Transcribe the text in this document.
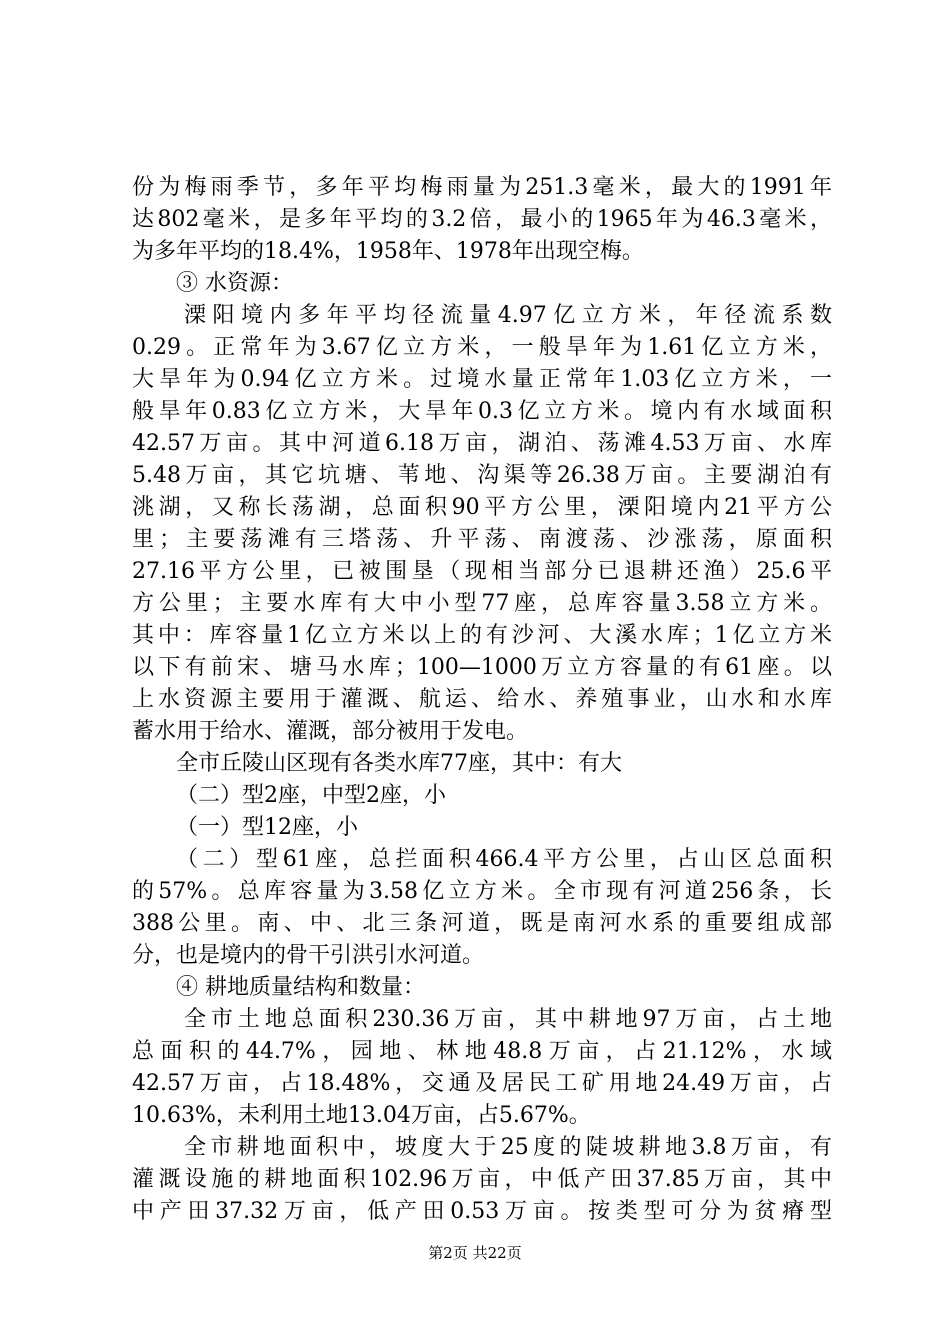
份为梅雨季节，多年平均梅雨量为251.3毫米，最大的1991年
达802毫米，是多年平均的3.2倍，最小的1965年为46.3毫米，
为多年平均的18.4%，1958年、1978年出现空梅。
③ 水资源：
溧阳境内多年平均径流量4.97亿立方米，年径流系数
0.29。正常年为3.67亿立方米，一般旱年为1.61亿立方米，
大旱年为0.94亿立方米。过境水量正常年1.03亿立方米，一
般旱年0.83亿立方米，大旱年0.3亿立方米。境内有水域面积
42.57万亩。其中河道6.18万亩，湖泊、荡滩4.53万亩、水库
5.48万亩，其它坑塘、苇地、沟渠等26.38万亩。主要湖泊有
洮湖，又称长荡湖，总面积90平方公里，溧阳境内21平方公
里；主要荡滩有三塔荡、升平荡、南渡荡、沙涨荡，原面积
27.16平方公里，已被围垦（现相当部分已退耕还渔）25.6平
方公里；主要水库有大中小型77座，总库容量3.58立方米。
其中：库容量1亿立方米以上的有沙河、大溪水库；1亿立方米
以下有前宋、塘马水库；100—1000万立方容量的有61座。以
上水资源主要用于灌溉、航运、给水、养殖事业，山水和水库
蓄水用于给水、灌溉，部分被用于发电。
全市丘陵山区现有各类水库77座，其中：有大
（二）型2座，中型2座，小
（一）型12座，小
（二）型61座，总拦面积466.4平方公里，占山区总面积
的57%。总库容量为3.58亿立方米。全市现有河道256条，长
388公里。南、中、北三条河道，既是南河水系的重要组成部
分，也是境内的骨干引洪引水河道。
④ 耕地质量结构和数量：
全市土地总面积230.36万亩，其中耕地97万亩，占土地
总面积的44.7%，园地、林地48.8万亩，占21.12%，水域
42.57万亩，占18.48%，交通及居民工矿用地24.49万亩，占
10.63%，未利用土地13.04万亩，占5.67%。
全市耕地面积中，坡度大于25度的陡坡耕地3.8万亩，有
灌溉设施的耕地面积102.96万亩，中低产田37.85万亩，其中
中产田37.32万亩，低产田0.53万亩。按类型可分为贫瘠型
第2页 共22页
